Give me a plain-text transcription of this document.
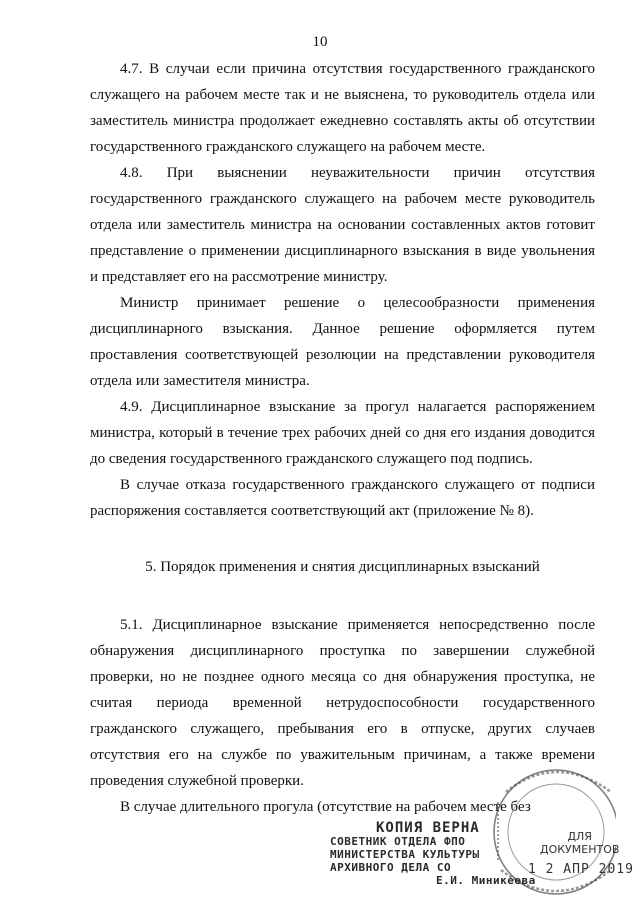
10

4.7. В случаи если причина отсутствия государственного гражданского служащего на рабочем месте так и не выяснена, то руководитель отдела или заместитель министра продолжает ежедневно составлять акты об отсутствии государственного гражданского служащего на рабочем месте.

4.8. При выяснении неуважительности причин отсутствия государственного гражданского служащего на рабочем месте руководитель отдела или заместитель министра на основании составленных актов готовит представление о применении дисциплинарного взыскания в виде увольнения и представляет его на рассмотрение министру.

Министр принимает решение о целесообразности применения дисциплинарного взыскания. Данное решение оформляется путем проставления соответствующей резолюции на представлении руководителя отдела или заместителя министра.

4.9. Дисциплинарное взыскание за прогул налагается распоряжением министра, который в течение трех рабочих дней со дня его издания доводится до сведения государственного гражданского служащего под подпись.

В случае отказа государственного гражданского служащего от подписи распоряжения составляется соответствующий акт (приложение № 8).

5. Порядок применения и снятия дисциплинарных взысканий

5.1. Дисциплинарное взыскание применяется непосредственно после обнаружения дисциплинарного проступка по завершении служебной проверки, но не позднее одного месяца со дня обнаружения проступка, не считая периода временной нетрудоспособности государственного гражданского служащего, пребывания его в отпуске, других случаев отсутствия его на службе по уважительным причинам, а также времени проведения служебной проверки.

В случае длительного прогула (отсутствие на рабочем месте без

КОПИЯ ВЕРНА
СОВЕТНИК ОТДЕЛА ФПО
МИНИСТЕРСТВА КУЛЬТУРЫ
АРХИВНОГО ДЕЛА СО
Е.И. Миникеева
ДЛЯ
ДОКУМЕНТОВ
1 2 АПР 2019
